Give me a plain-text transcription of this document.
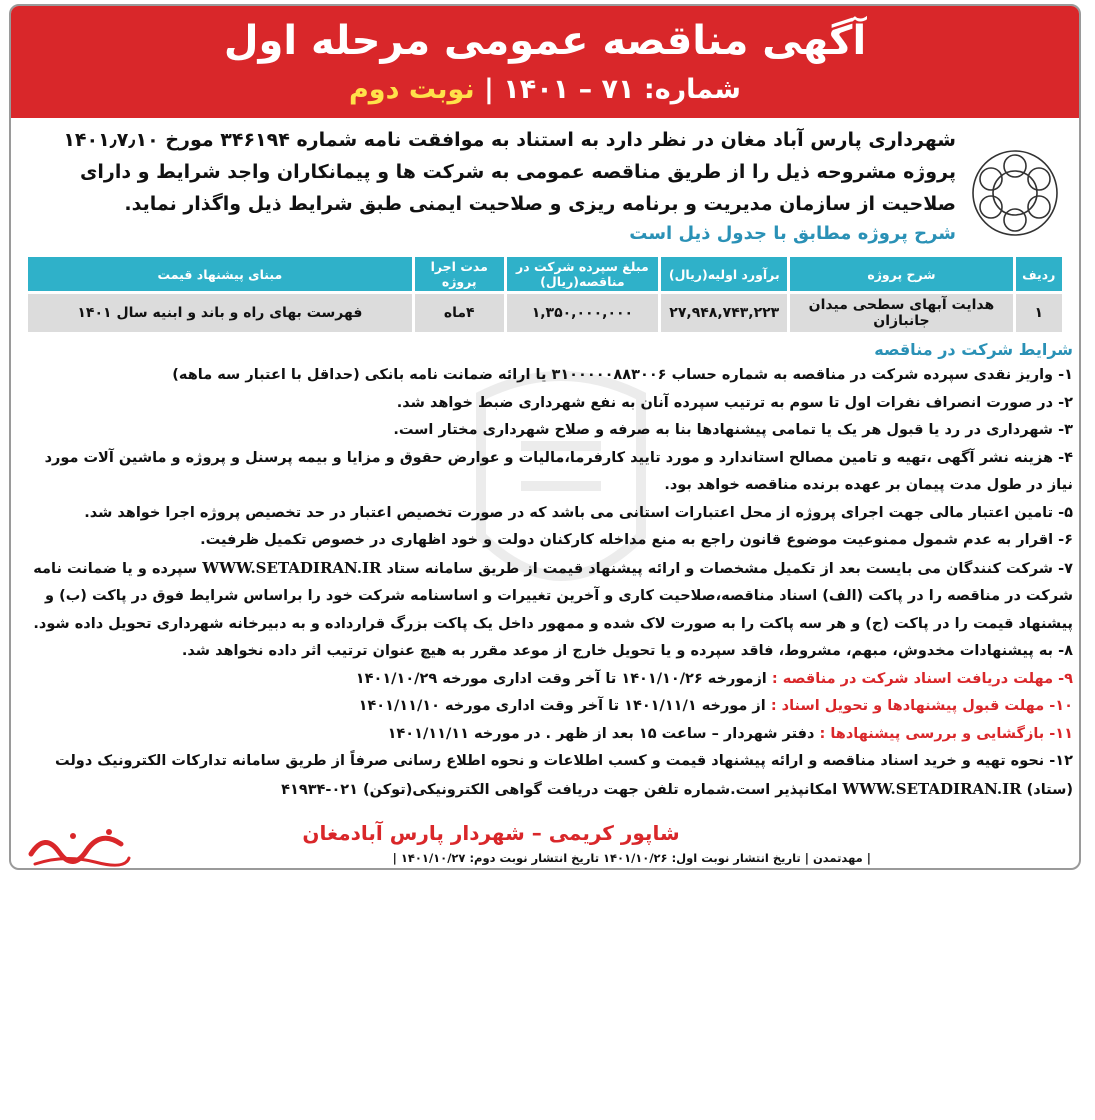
آگهی مناقصه عمومی مرحله اول
شماره: ۷۱ – ۱۴۰۱ | نوبت دوم
شهرداری پارس آباد مغان در نظر دارد به استناد به موافقت نامه شماره ۳۴۶۱۹۴ مورخ ۱۴۰۱٫۷٫۱۰ پروژه مشروحه ذیل را از طریق مناقصه عمومی به شرکت ها و پیمانکاران واجد شرایط و دارای صلاحیت از سازمان مدیریت و برنامه ریزی و صلاحیت ایمنی طبق شرایط ذیل واگذار نماید.
شرح پروژه مطابق با جدول ذیل است
ردیف	شرح پروژه	برآورد اولیه(ریال)	مبلغ سپرده شرکت در مناقصه(ریال)	مدت اجرا پروژه	مبنای پیشنهاد قیمت
۱	هدایت آبهای سطحی میدان جانبازان	۲۷,۹۴۸,۷۴۳,۲۲۳	۱,۳۵۰,۰۰۰,۰۰۰	۴ماه	فهرست بهای راه و باند و ابنیه سال ۱۴۰۱
شرایط شرکت در مناقصه
۱- واریز نقدی سپرده شرکت در مناقصه به شماره حساب ۳۱۰۰۰۰۰۸۸۳۰۰۶ یا ارائه ضمانت نامه بانکی (حداقل با اعتبار سه ماهه)
۲- در صورت انصراف نفرات اول تا سوم به ترتیب سپرده آنان به نفع شهرداری ضبط خواهد شد.
۳- شهرداری در رد یا قبول هر یک یا تمامی پیشنهادها بنا به صرفه و صلاح شهرداری مختار است.
۴- هزینه نشر آگهی ،تهیه و تامین مصالح استاندارد و مورد تایید کارفرما،مالیات و عوارض حقوق و مزایا و بیمه پرسنل و پروژه و ماشین آلات مورد نیاز در طول مدت پیمان بر عهده برنده مناقصه خواهد بود.
۵- تامین اعتبار مالی جهت اجرای پروژه از محل اعتبارات استانی می باشد که در صورت تخصیص اعتبار در حد تخصیص پروژه اجرا خواهد شد.
۶- اقرار به عدم شمول ممنوعیت موضوع قانون راجع به منع مداخله کارکنان دولت و خود اظهاری در خصوص تکمیل ظرفیت.
۷- شرکت کنندگان می بایست بعد از تکمیل مشخصات و ارائه پیشنهاد قیمت از طریق سامانه ستاد WWW.SETADIRAN.IR سپرده و یا ضمانت نامه شرکت در مناقصه را در پاکت (الف) اسناد مناقصه،صلاحیت کاری و آخرین تغییرات و اساسنامه شرکت خود را براساس شرایط فوق در پاکت (ب) و پیشنهاد قیمت را در پاکت (ج) و هر سه پاکت را به صورت لاک شده و ممهور داخل یک پاکت بزرگ قرارداده و به دبیرخانه شهرداری تحویل داده شود.
۸- به پیشنهادات مخدوش، مبهم، مشروط، فاقد سپرده و یا تحویل خارج از موعد مقرر به هیچ عنوان ترتیب اثر داده نخواهد شد.
۹- مهلت دریافت اسناد شرکت در مناقصه : ازمورخه ۱۴۰۱/۱۰/۲۶ تا آخر وقت اداری مورخه ۱۴۰۱/۱۰/۲۹
۱۰- مهلت قبول پیشنهادها و تحویل اسناد : از مورخه ۱۴۰۱/۱۱/۱ تا آخر وقت اداری مورخه ۱۴۰۱/۱۱/۱۰
۱۱- بازگشایی و بررسی پیشنهادها : دفتر شهردار – ساعت ۱۵ بعد از ظهر . در مورخه ۱۴۰۱/۱۱/۱۱
۱۲- نحوه تهیه و خرید اسناد مناقصه و ارائه پیشنهاد قیمت و کسب اطلاعات و نحوه اطلاع رسانی صرفاً از طریق سامانه تدارکات الکترونیک دولت (ستاد) WWW.SETADIRAN.IR امکانپذیر است.شماره تلفن جهت دریافت گواهی الکترونیکی(توکن) ۰۲۱-۴۱۹۳۴
شاپور کریمی – شهردار پارس آبادمغان
| مهدتمدن | تاریخ انتشار نوبت اول: ۱۴۰۱/۱۰/۲۶ تاریخ انتشار نوبت دوم: ۱۴۰۱/۱۰/۲۷ |
